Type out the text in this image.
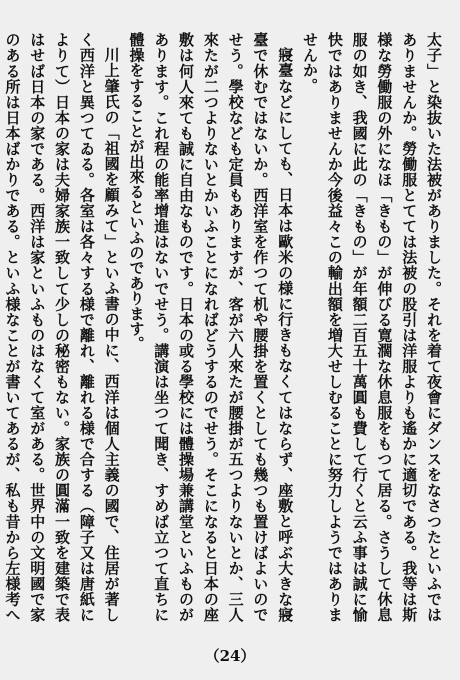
太子」と染抜いた法被がありました。それを着て夜會にダンスをなさつたといふではありませんか。勞働服とてては法被の股引は洋服よりも遙かに適切である。我等は斯様な勞働服の外になほ「きもの」が伸びる寛濶な休息服をもつて居る。さうして休息服の如き、我國に此の「きもの」が年額二百五十萬圓も費して行くと云ふ事は誠に愉快ではありませんか今後益々この輸出額を増大せしむることに努力しようではありませんか。

寢臺などにしても、日本は歐米の様に行きもなくてはならず、座敷と呼ぶ大きな寢臺で休むではないか。西洋室を作つて机や腰掛を置くとしても幾つも置けばよいのでせう。學校なども定員もありますが、客が六人來たが腰掛が五つよりないとか、三人來たが二つよりないとかいふことになればどうするのでせう。そこになると日本の座敷は何人來ても誠に自由なものです。日本の或る學校には體操場兼講堂といふものがあります。これ程の能率增進はないでせう。講演は坐つて聞き、すめば立つて直ちに體操をすることが出來るといふのであります。

川上肇氏の「祖國を顧みて」といふ書の中に、西洋は個人主義の國で、住居が著しく西洋と異つてゐる。各室は各々する様で離れ、離れる様で合する（障子又は唐紙によりて）日本の家は夫婦家族一致して少しの秘密もない。家族の圓滿一致を建築で表はせば日本の家である。西洋は家といふものはなくて室がある。世界中の文明國で家のある所は日本ばかりである。といふ様なことが書いてあるが、私も昔から左様考へ

（24）
